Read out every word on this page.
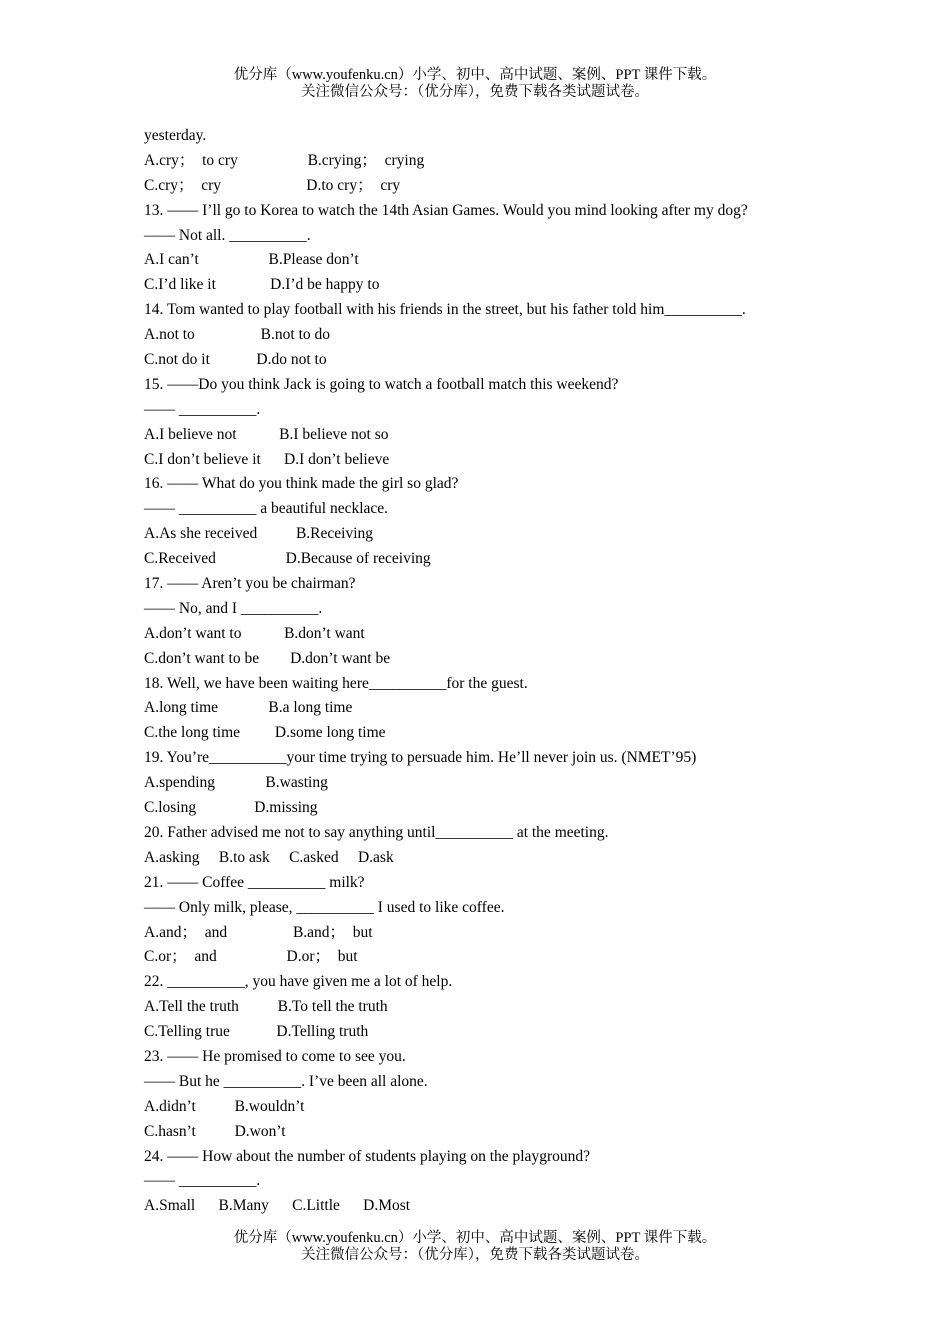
优分库（www.youfenku.cn）小学、初中、高中试题、案例、PPT 课件下载。
关注微信公众号：（优分库），免费下载各类试题试卷。
yesterday.
A.cry；  to cry                  B.crying；  crying
C.cry；  cry                      D.to cry；  cry
13. —— I’ll go to Korea to watch the 14th Asian Games. Would you mind looking after my dog?
—— Not all. __________.
A.I can’t                  B.Please don’t
C.I’d like it              D.I’d be happy to
14. Tom wanted to play football with his friends in the street, but his father told him__________.
A.not to                 B.not to do
C.not do it            D.do not to
15. ——Do you think Jack is going to watch a football match this weekend?
—— __________.
A.I believe not           B.I believe not so
C.I don’t believe it      D.I don’t believe
16. —— What do you think made the girl so glad?
—— __________ a beautiful necklace.
A.As she received          B.Receiving
C.Received                  D.Because of receiving
17. —— Aren’t you be chairman?
—— No, and I __________.
A.don’t want to           B.don’t want
C.don’t want to be        D.don’t want be
18. Well, we have been waiting here__________for the guest.
A.long time             B.a long time
C.the long time         D.some long time
19. You’re__________your time trying to persuade him. He’ll never join us. (NMET’95)
A.spending             B.wasting
C.losing               D.missing
20. Father advised me not to say anything until__________ at the meeting.
A.asking     B.to ask     C.asked     D.ask
21. —— Coffee __________ milk?
—— Only milk, please, __________ I used to like coffee.
A.and；  and                 B.and；  but
C.or；  and                  D.or；  but
22. __________, you have given me a lot of help.
A.Tell the truth          B.To tell the truth
C.Telling true            D.Telling truth
23. —— He promised to come to see you.
—— But he __________. I’ve been all alone.
A.didn’t          B.wouldn’t
C.hasn’t          D.won’t
24. —— How about the number of students playing on the playground?
—— __________.
A.Small      B.Many      C.Little      D.Most
优分库（www.youfenku.cn）小学、初中、高中试题、案例、PPT 课件下载。
关注微信公众号：（优分库），免费下载各类试题试卷。
